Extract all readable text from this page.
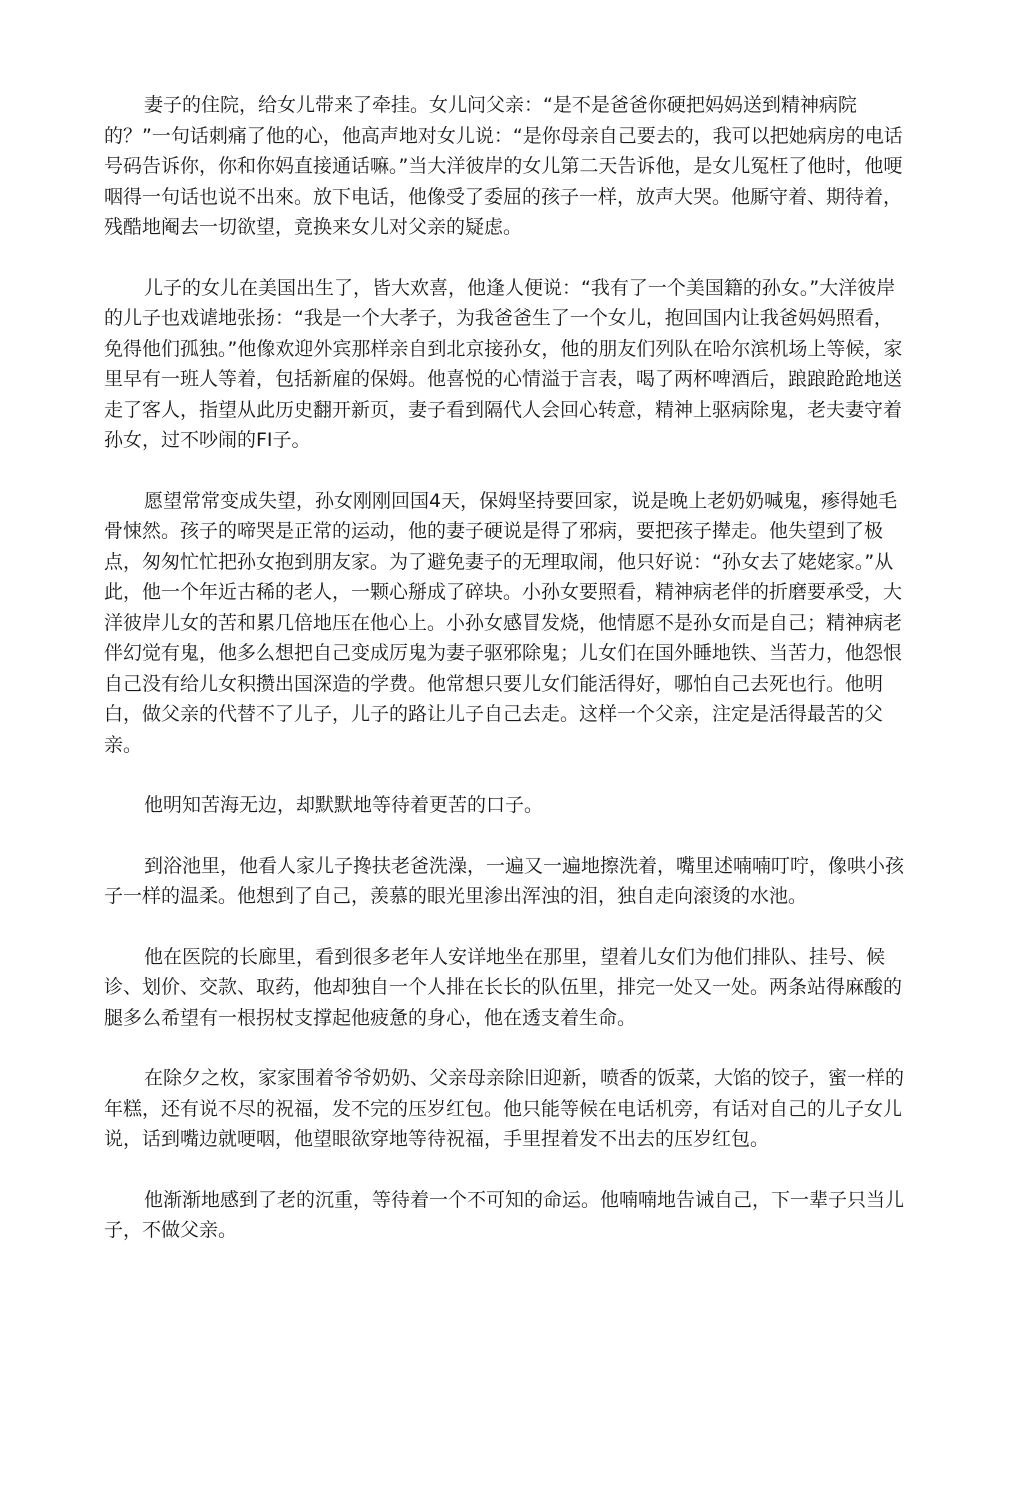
妻子的住院，给女儿带来了牵挂。女儿问父亲：“是不是爸爸你硬把妈妈送到精神病院 的？”一句话刺痛了他的心，他高声地对女儿说：“是你母亲自己要去的，我可以把她病房的电话号码告诉你，你和你妈直接通话嘛。”当大洋彼岸的女儿第二天告诉他，是女儿冤枉了他时，他哽咽得一句话也说不出來。放下电话，他像受了委屈的孩子一样，放声大哭。他厮守着、期待着，残酷地阉去一切欲望，竟换来女儿对父亲的疑虑。

儿子的女儿在美国出生了，皆大欢喜，他逢人便说：“我有了一个美国籍的孙女。”大洋彼岸的儿子也戏谑地张扬：“我是一个大孝子，为我爸爸生了一个女儿，抱回国内让我爸妈妈照看，免得他们孤独。”他像欢迎外宾那样亲自到北京接孙女，他的朋友们列队在哈尔滨机场上等候，家里早有一班人等着，包括新雇的保姆。他喜悦的心情溢于言表，喝了两杯啤酒后，踉踉跄跄地送走了客人，指望从此历史翻开新页，妻子看到隔代人会回心转意，精神上驱病除鬼，老夫妻守着孙女，过不吵闹的FI子。

愿望常常变成失望，孙女刚刚回国4天，保姆坚持要回家，说是晚上老奶奶喊鬼，瘆得她毛骨悚然。孩子的啼哭是正常的运动，他的妻子硬说是得了邪病，要把孩子撵走。他失望到了极点，匆匆忙忙把孙女抱到朋友家。为了避免妻子的无理取闹，他只好说：“孙女去了姥姥家。”从此，他一个年近古稀的老人，一颗心掰成了碎块。小孙女要照看，精神病老伴的折磨要承受，大洋彼岸儿女的苦和累几倍地压在他心上。小孙女感冒发烧，他情愿不是孙女而是自己；精神病老伴幻觉有鬼，他多么想把自己变成厉鬼为妻子驱邪除鬼；儿女们在国外睡地铁、当苦力，他怨恨自己没有给儿女积攒出国深造的学费。他常想只要儿女们能活得好，哪怕自己去死也行。他明白，做父亲的代替不了儿子，儿子的路让儿子自己去走。这样一个父亲，注定是活得最苦的父亲。

他明知苦海无边，却默默地等待着更苦的口子。

到浴池里，他看人家儿子搀扶老爸洗澡，一遍又一遍地擦洗着，嘴里述喃喃叮咛，像哄小孩子一样的温柔。他想到了自己，羡慕的眼光里渗出浑浊的泪，独自走向滚烫的水池。

他在医院的长廊里，看到很多老年人安详地坐在那里，望着儿女们为他们排队、挂号、候诊、划价、交款、取药，他却独自一个人排在长长的队伍里，排完一处又一处。两条站得麻酸的腿多么希望有一根拐杖支撑起他疲惫的身心，他在透支着生命。

在除夕之枚，家家围着爷爷奶奶、父亲母亲除旧迎新，喷香的饭菜，大馅的饺子，蜜一样的年糕，还有说不尽的祝福，发不完的压岁红包。他只能等候在电话机旁，有话对自己的儿子女儿说，话到嘴边就哽咽，他望眼欲穿地等待祝福，手里捏着发不出去的压岁红包。

他渐渐地感到了老的沉重，等待着一个不可知的命运。他喃喃地告诫自己，下一辈子只当儿子，不做父亲。
